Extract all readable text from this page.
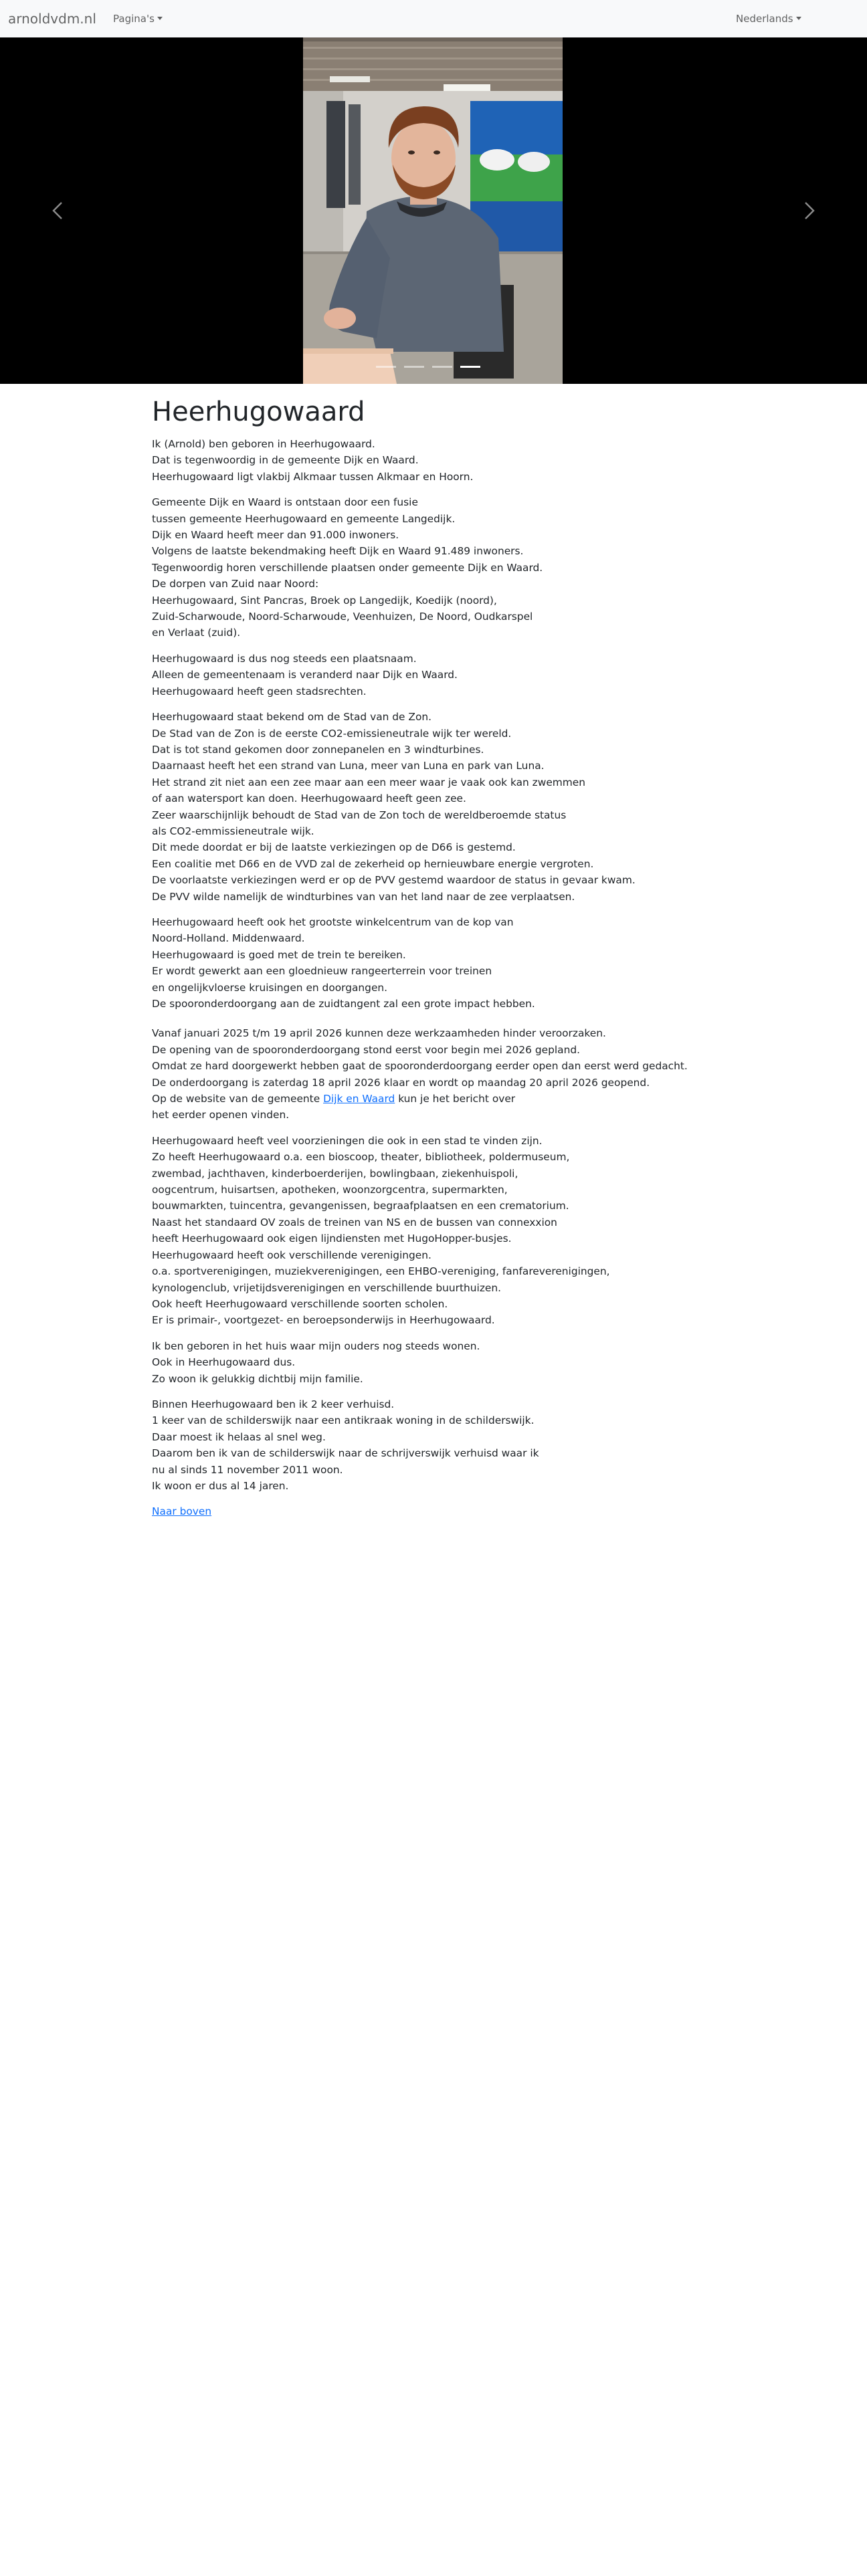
arnoldvdm.nl Pagina's	Nederlands
Heerhugowaard
Ik (Arnold) ben geboren in Heerhugowaard.
Dat is tegenwoordig in de gemeente Dijk en Waard.
Heerhugowaard ligt vlakbij Alkmaar tussen Alkmaar en Hoorn.
Gemeente Dijk en Waard is ontstaan door een fusie
tussen gemeente Heerhugowaard en gemeente Langedijk.
Dijk en Waard heeft meer dan 91.000 inwoners.
Volgens de laatste bekendmaking heeft Dijk en Waard 91.489 inwoners.
Tegenwoordig horen verschillende plaatsen onder gemeente Dijk en Waard.
De dorpen van Zuid naar Noord:
Heerhugowaard, Sint Pancras, Broek op Langedijk, Koedijk (noord),
Zuid-Scharwoude, Noord-Scharwoude, Veenhuizen, De Noord, Oudkarspel
en Verlaat (zuid).
Heerhugowaard is dus nog steeds een plaatsnaam.
Alleen de gemeentenaam is veranderd naar Dijk en Waard.
Heerhugowaard heeft geen stadsrechten.
Heerhugowaard staat bekend om de Stad van de Zon.
De Stad van de Zon is de eerste CO2-emissieneutrale wijk ter wereld.
Dat is tot stand gekomen door zonnepanelen en 3 windturbines.
Daarnaast heeft het een strand van Luna, meer van Luna en park van Luna.
Het strand zit niet aan een zee maar aan een meer waar je vaak ook kan zwemmen
of aan watersport kan doen. Heerhugowaard heeft geen zee.
Zeer waarschijnlijk behoudt de Stad van de Zon toch de wereldberoemde status
als CO2-emmissieneutrale wijk.
Dit mede doordat er bij de laatste verkiezingen op de D66 is gestemd.
Een coalitie met D66 en de VVD zal de zekerheid op hernieuwbare energie vergroten.
De voorlaatste verkiezingen werd er op de PVV gestemd waardoor de status in gevaar kwam.
De PVV wilde namelijk de windturbines van van het land naar de zee verplaatsen.
Heerhugowaard heeft ook het grootste winkelcentrum van de kop van
Noord-Holland. Middenwaard.
Heerhugowaard is goed met de trein te bereiken.
Er wordt gewerkt aan een gloednieuw rangeerterrein voor treinen
en ongelijkvloerse kruisingen en doorgangen.
De spooronderdoorgang aan de zuidtangent zal een grote impact hebben.
Vanaf januari 2025 t/m 19 april 2026 kunnen deze werkzaamheden hinder veroorzaken.
De opening van de spooronderdoorgang stond eerst voor begin mei 2026 gepland.
Omdat ze hard doorgewerkt hebben gaat de spooronderdoorgang eerder open dan eerst werd gedacht.
De onderdoorgang is zaterdag 18 april 2026 klaar en wordt op maandag 20 april 2026 geopend.
Op de website van de gemeente Dijk en Waard kun je het bericht over
het eerder openen vinden.
Heerhugowaard heeft veel voorzieningen die ook in een stad te vinden zijn.
Zo heeft Heerhugowaard o.a. een bioscoop, theater, bibliotheek, poldermuseum,
zwembad, jachthaven, kinderboerderijen, bowlingbaan, ziekenhuispoli,
oogcentrum, huisartsen, apotheken, woonzorgcentra, supermarkten,
bouwmarkten, tuincentra, gevangenissen, begraafplaatsen en een crematorium.
Naast het standaard OV zoals de treinen van NS en de bussen van connexxion
heeft Heerhugowaard ook eigen lijndiensten met HugoHopper-busjes.
Heerhugowaard heeft ook verschillende verenigingen.
o.a. sportverenigingen, muziekverenigingen, een EHBO-vereniging, fanfareverenigingen,
kynologenclub, vrijetijdsverenigingen en verschillende buurthuizen.
Ook heeft Heerhugowaard verschillende soorten scholen.
Er is primair-, voortgezet- en beroepsonderwijs in Heerhugowaard.
Ik ben geboren in het huis waar mijn ouders nog steeds wonen.
Ook in Heerhugowaard dus.
Zo woon ik gelukkig dichtbij mijn familie.
Binnen Heerhugowaard ben ik 2 keer verhuisd.
1 keer van de schilderswijk naar een antikraak woning in de schilderswijk.
Daar moest ik helaas al snel weg.
Daarom ben ik van de schilderswijk naar de schrijverswijk verhuisd waar ik
nu al sinds 11 november 2011 woon.
Ik woon er dus al 14 jaren.
Naar boven
